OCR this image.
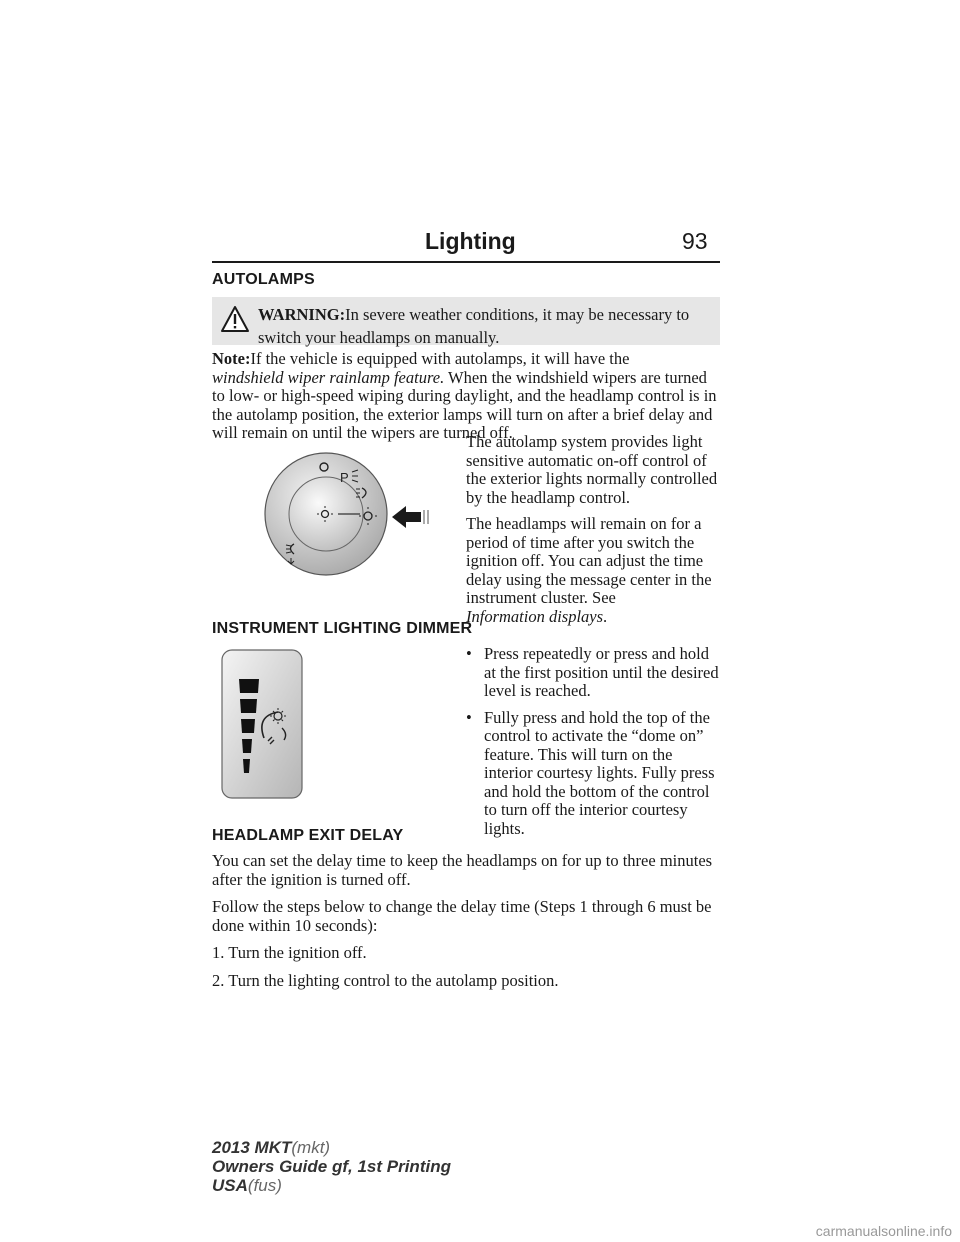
Lighting	93
AUTOLAMPS
WARNING:In severe weather conditions, it may be necessary to
switch your headlamps on manually.
Note:If the vehicle is equipped with autolamps, it will have the
windshield wiper rainlamp feature. When the windshield wipers are turned to low- or high-speed wiping during daylight, and the headlamp control is in the autolamp position, the exterior lamps will turn on after a brief delay and will remain on until the wipers are turned off.
P

The autolamp system provides light sensitive automatic on-off control of the exterior lights normally controlled by the headlamp control.

The headlamps will remain on for a period of time after you switch the ignition off. You can adjust the time delay using the message center in the instrument cluster. See
Information displays.

INSTRUMENT LIGHTING DIMMER
• Press repeatedly or press and hold at the first position until the desired level is reached.
• Fully press and hold the top of the control to activate the “dome on” feature. This will turn on the interior courtesy lights. Fully press and hold the bottom of the control to turn off the interior courtesy lights.
HEADLAMP EXIT DELAY

You can set the delay time to keep the headlamps on for up to three minutes after the ignition is turned off.

Follow the steps below to change the delay time (Steps 1 through 6 must be done within 10 seconds):

1. Turn the ignition off.

2. Turn the lighting control to the autolamp position.

2013 MKT(mkt)
Owners Guide gf, 1st Printing
USA(fus)
carmanualsonline.info
